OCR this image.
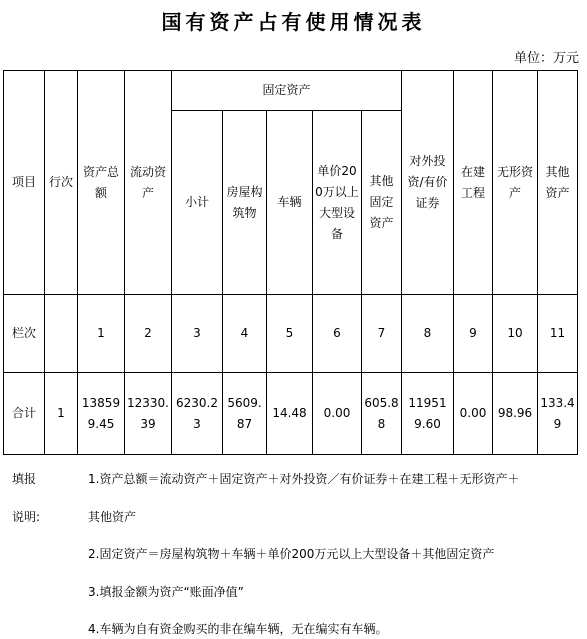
国有资产占有使用情况表
单位：万元
项目	行次	资产总额	流动资产	固定资产					对外投资/有价证券	在建工程	无形资产	其他资产
				小计	房屋构筑物	车辆	单价200万以上大型设备	其他固定资产				
栏次		1	2	3	4	5	6	7	8	9	10	11
合计	1	138599.45	12330.39	6230.23	5609.87	14.48	0.00	605.88	119519.60	0.00	98.96	133.49
填报
说明:
1.资产总额＝流动资产＋固定资产＋对外投资／有价证券＋在建工程＋无形资产＋
其他资产
2.固定资产＝房屋构筑物＋车辆＋单价200万元以上大型设备＋其他固定资产
3.填报金额为资产“账面净值”
4.车辆为自有资金购买的非在编车辆，无在编实有车辆。
